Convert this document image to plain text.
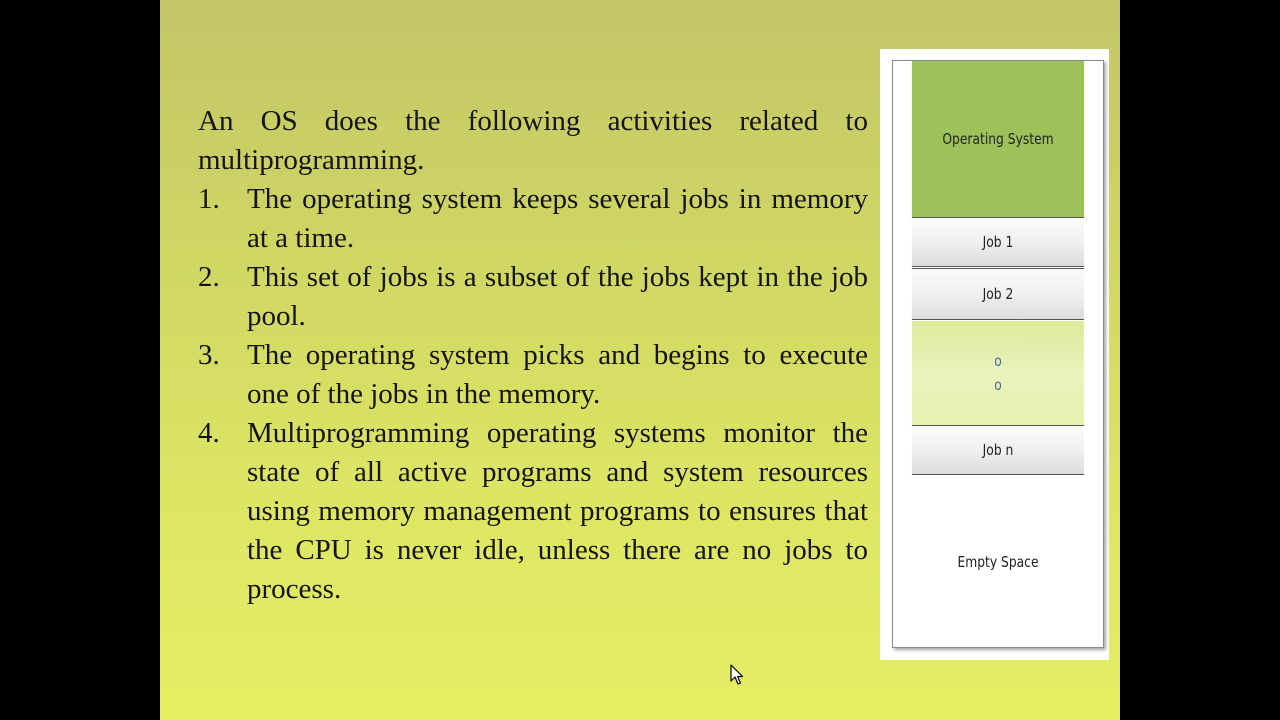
An OS does the following activities related to multiprogramming.

1. The operating system keeps several jobs in memory at a time.
2. This set of jobs is a subset of the jobs kept in the job pool.
3. The operating system picks and begins to execute one of the jobs in the memory.
4. Multiprogramming operating systems monitor the state of all active programs and system resources using memory management programs to ensures that the CPU is never idle, unless there are no jobs to process.
Operating System
Job 1
Job 2
o
o
Job n
Empty Space
